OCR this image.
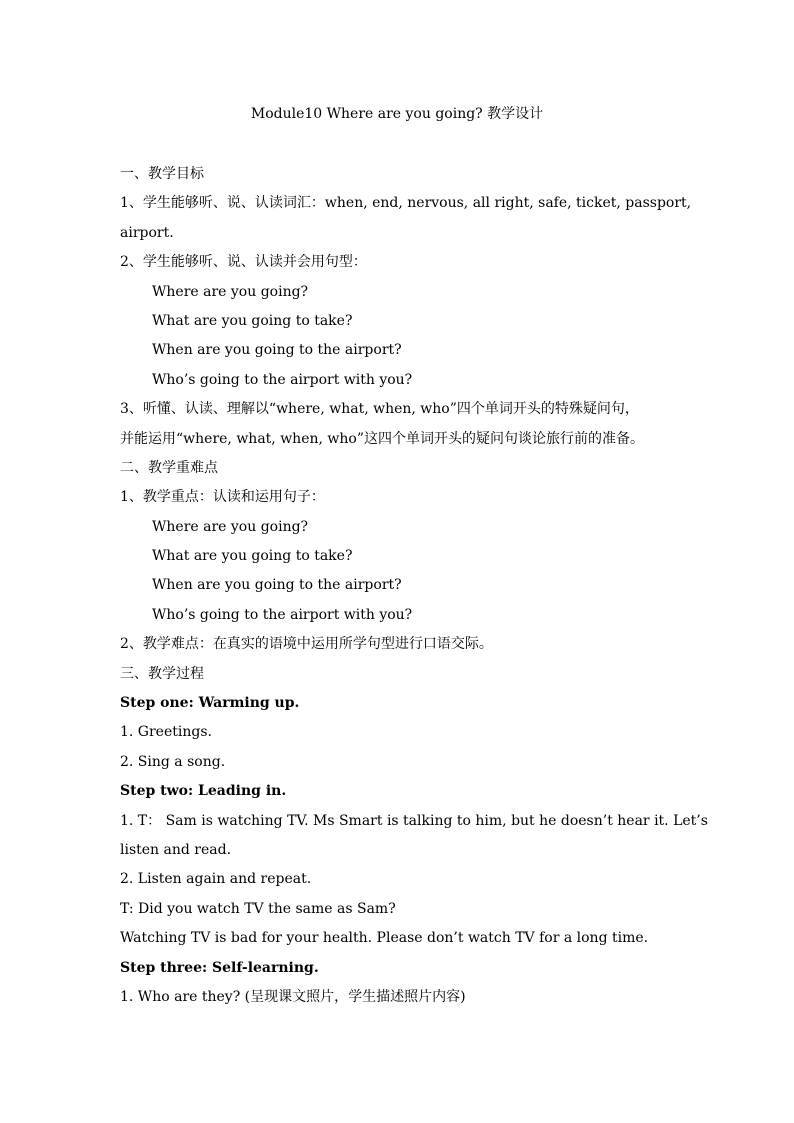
Module10 Where are you going? 教学设计
一、教学目标
1、学生能够听、说、认读词汇：when, end, nervous, all right, safe, ticket, passport,
airport.
2、学生能够听、说、认读并会用句型：
Where are you going?
What are you going to take?
When are you going to the airport?
Who’s going to the airport with you?
3、听懂、认读、理解以“where, what, when, who”四个单词开头的特殊疑问句，
并能运用“where, what, when, who”这四个单词开头的疑问句谈论旅行前的准备。
二、教学重难点
1、教学重点：认读和运用句子：
Where are you going?
What are you going to take?
When are you going to the airport?
Who’s going to the airport with you?
2、教学难点：在真实的语境中运用所学句型进行口语交际。
三、教学过程
Step one: Warming up.
1. Greetings.
2. Sing a song.
Step two: Leading in.
1. T： Sam is watching TV. Ms Smart is talking to him, but he doesn’t hear it. Let’s
listen and read.
2. Listen again and repeat.
T: Did you watch TV the same as Sam?
Watching TV is bad for your health. Please don’t watch TV for a long time.
Step three: Self-learning.
1. Who are they? (呈现课文照片，学生描述照片内容)
